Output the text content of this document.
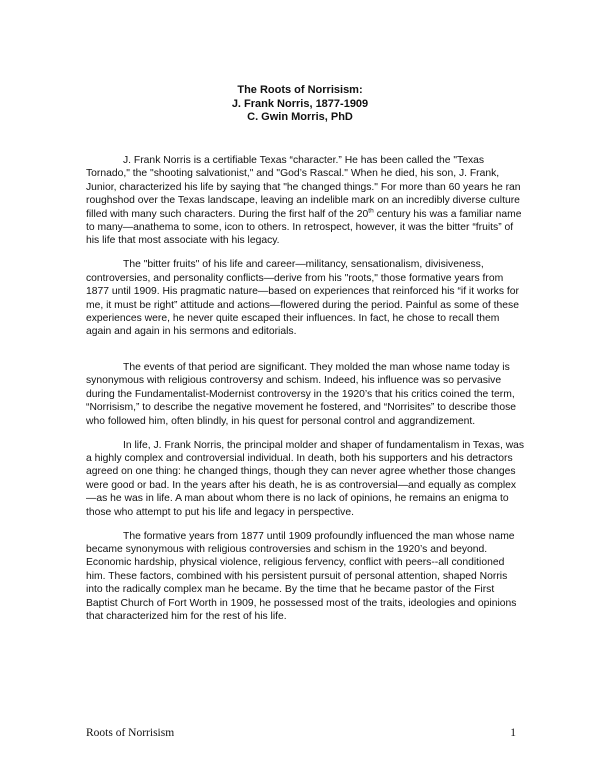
The Roots of Norrisism:
J. Frank Norris, 1877-1909
C. Gwin Morris, PhD

J. Frank Norris is a certifiable Texas “character.” He has been called the "Texas Tornado," the "shooting salvationist," and "God’s Rascal." When he died, his son, J. Frank, Junior, characterized his life by saying that "he changed things." For more than 60 years he ran roughshod over the Texas landscape, leaving an indelible mark on an incredibly diverse culture filled with many such characters. During the first half of the 20th century his was a familiar name to many—anathema to some, icon to others. In retrospect, however, it was the bitter “fruits” of his life that most associate with his legacy.

The "bitter fruits" of his life and career—militancy, sensationalism, divisiveness, controversies, and personality conflicts—derive from his "roots," those formative years from 1877 until 1909. His pragmatic nature—based on experiences that reinforced his “if it works for me, it must be right” attitude and actions—flowered during the period. Painful as some of these experiences were, he never quite escaped their influences. In fact, he chose to recall them again and again in his sermons and editorials.

The events of that period are significant. They molded the man whose name today is synonymous with religious controversy and schism. Indeed, his influence was so pervasive during the Fundamentalist-Modernist controversy in the 1920’s that his critics coined the term, “Norrisism,” to describe the negative movement he fostered, and “Norrisites” to describe those who followed him, often blindly, in his quest for personal control and aggrandizement.

In life, J. Frank Norris, the principal molder and shaper of fundamentalism in Texas, was a highly complex and controversial individual. In death, both his supporters and his detractors agreed on one thing: he changed things, though they can never agree whether those changes were good or bad. In the years after his death, he is as controversial—and equally as complex—as he was in life. A man about whom there is no lack of opinions, he remains an enigma to those who attempt to put his life and legacy in perspective.

The formative years from 1877 until 1909 profoundly influenced the man whose name became synonymous with religious controversies and schism in the 1920’s and beyond. Economic hardship, physical violence, religious fervency, conflict with peers--all conditioned him. These factors, combined with his persistent pursuit of personal attention, shaped Norris into the radically complex man he became. By the time that he became pastor of the First Baptist Church of Fort Worth in 1909, he possessed most of the traits, ideologies and opinions that characterized him for the rest of his life.

Roots of Norrisism	1
